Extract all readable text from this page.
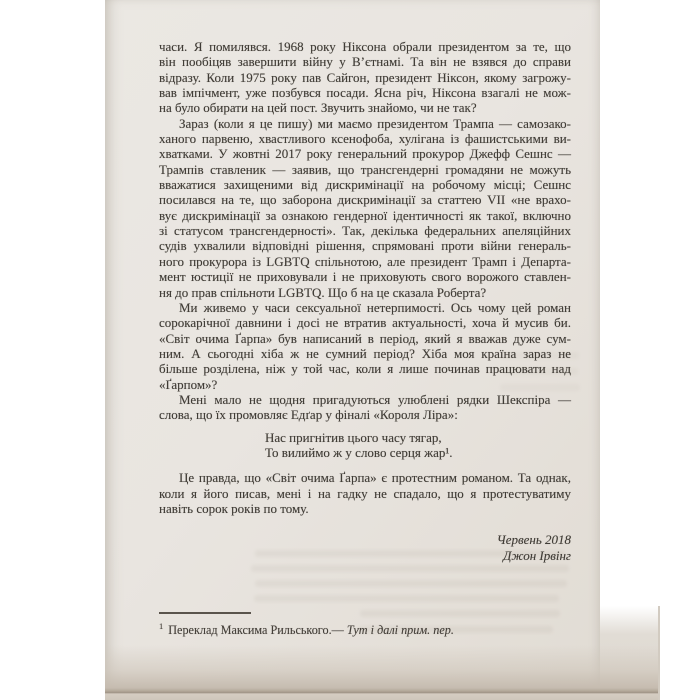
часи. Я помилявся. 1968 року Ніксона обрали президентом за те, що
він пообіцяв завершити війну у В’єтнамі. Та він не взявся до справи
відразу. Коли 1975 року пав Сайгон, президент Ніксон, якому загрожу-
вав імпічмент, уже позбувся посади. Ясна річ, Ніксона взагалі не мож-
на було обирати на цей пост. Звучить знайомо, чи не так?
Зараз (коли я це пишу) ми маємо президентом Трампа — самозако-
ханого парвеню, хвастливого ксенофоба, хулігана із фашистськими ви-
хватками. У жовтні 2017 року генеральний прокурор Джефф Сешнс —
Трампів ставленик — заявив, що трансгендерні громадяни не можуть
вважатися захищеними від дискримінації на робочому місці; Сешнс
посилався на те, що заборона дискримінації за статтею VII «не врахо-
вує дискримінації за ознакою гендерної ідентичності як такої, включно
зі статусом трансгендерності». Так, декілька федеральних апеляційних
судів ухвалили відповідні рішення, спрямовані проти війни генераль-
ного прокурора із LGBTQ спільнотою, але президент Трамп і Департа-
мент юстиції не приховували і не приховують свого ворожого ставлен-
ня до прав спільноти LGBTQ. Що б на це сказала Роберта?
Ми живемо у часи сексуальної нетерпимості. Ось чому цей роман
сорокарічної давнини і досі не втратив актуальності, хоча й мусив би.
«Світ очима Ґарпа» був написаний в період, який я вважав дуже сум-
ним. А сьогодні хіба ж не сумний період? Хіба моя країна зараз не
більше розділена, ніж у той час, коли я лише починав працювати над
«Ґарпом»?
Мені мало не щодня пригадуються улюблені рядки Шекспіра —
слова, що їх промовляє Едґар у фіналі «Короля Ліра»:
Нас пригнітив цього часу тягар,
То вилиймо ж у слово серця жар¹.
Це правда, що «Світ очима Ґарпа» є протестним романом. Та однак,
коли я його писав, мені і на гадку не спадало, що я протестуватиму
навіть сорок років по тому.
Червень 2018
Джон Ірвінг
$^1$ Переклад Максима Рильського.— Тут і далі прим. пер.
